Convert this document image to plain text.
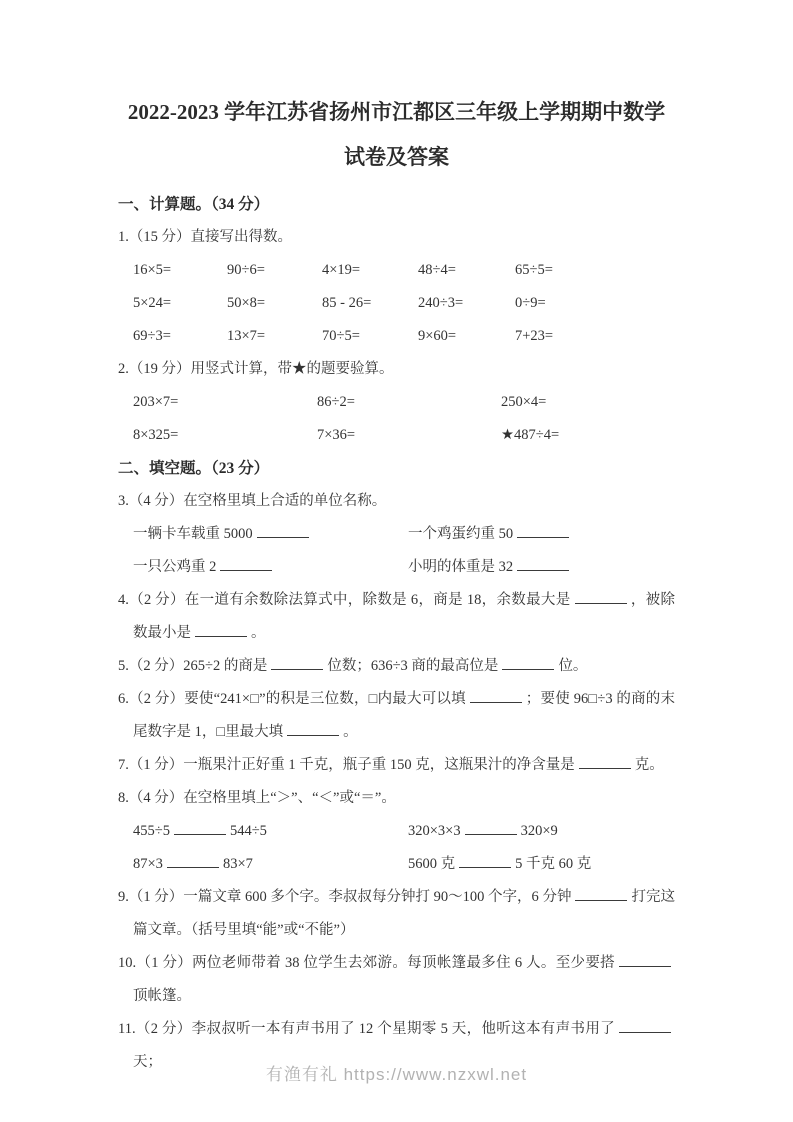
2022-2023 学年江苏省扬州市江都区三年级上学期期中数学
试卷及答案

一、计算题。（34 分）

1.（15 分）直接写出得数。

16×5=	90÷6=	4×19=	48÷4=	65÷5=
5×24=	50×8=	85 - 26=	240÷3=	0÷9=
69÷3=	13×7=	70÷5=	9×60=	7+23=

2.（19 分）用竖式计算，带★的题要验算。

203×7=	86÷2=	250×4=
8×325=	7×36=	★487÷4=

二、填空题。（23 分）

3.（4 分）在空格里填上合适的单位名称。

一辆卡车载重 5000	一个鸡蛋约重 50
一只公鸡重 2	小明的体重是 32

4.（2 分）在一道有余数除法算式中，除数是 6，商是 18，余数最大是	，被除数最小是	。

5.（2 分）265÷2 的商是	位数；636÷3 商的最高位是	位。

6.（2 分）要使“241×□”的积是三位数，□内最大可以填	；要使 96□÷3 的商的末尾数字是 1，□里最大填	。

7.（1 分）一瓶果汁正好重 1 千克，瓶子重 150 克，这瓶果汁的净含量是	克。

8.（4 分）在空格里填上“＞”、“＜”或“＝”。

455÷5	544÷5	320×3×3	320×9
87×3	83×7	5600 克	5 千克 60 克

9.（1 分）一篇文章 600 多个字。李叔叔每分钟打 90～100 个字，6 分钟	打完这篇文章。（括号里填“能”或“不能”）

10.（1 分）两位老师带着 38 位学生去郊游。每顶帐篷最多住 6 人。至少要搭顶帐篷。

11.（2 分）李叔叔听一本有声书用了 12 个星期零 5 天，他听这本有声书用了天；

有渔有礼 https://www.nzxwl.net
